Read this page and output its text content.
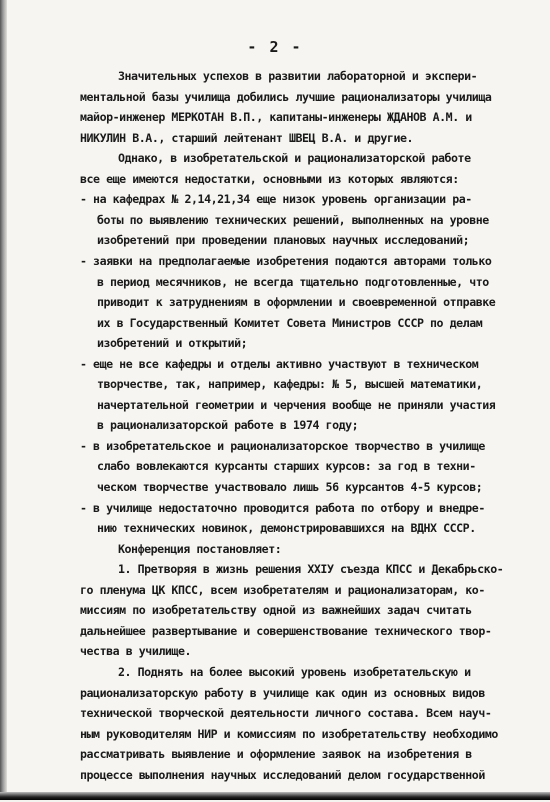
- 2 -
Значительных успехов в развитии лабораторной и экспери-
ментальной базы училища добились лучшие рационализаторы училища
майор-инженер МЕРКОТАН В.П., капитаны-инженеры ЖДАНОВ А.М. и
НИКУЛИН В.А., старший лейтенант ШВЕЦ В.А. и другие.
Однако, в изобретательской и рационализаторской работе
все еще имеются недостатки, основными из которых являются:
- на кафедрах № 2,14,21,34 еще низок уровень организации ра-
боты по выявлению технических решений, выполненных на уровне
изобретений при проведении плановых научных исследований;
- заявки на предполагаемые изобретения подаются авторами только
в период месячников, не всегда тщательно подготовленные, что
приводит к затруднениям в оформлении и своевременной отправке
их в Государственный Комитет Совета Министров СССР по делам
изобретений и открытий;
- еще не все кафедры и отделы активно участвуют в техническом
творчестве, так, например, кафедры: № 5, высшей математики,
начертательной геометрии и черчения вообще не приняли участия
в рационализаторской работе в 1974 году;
- в изобретательское и рационализаторское творчество в училище
слабо вовлекаются курсанты старших курсов: за год в техни-
ческом творчестве участвовало лишь 56 курсантов 4-5 курсов;
- в училище недостаточно проводится работа по отбору и внедре-
нию технических новинок, демонстрировавшихся на ВДНХ СССР.
Конференция постановляет:
1. Претворяя в жизнь решения XXIУ съезда КПСС и Декабрьско-
го пленума ЦК КПСС, всем изобретателям и рационализаторам, ко-
миссиям по изобретательству одной из важнейших задач считать
дальнейшее развертывание и совершенствование технического твор-
чества в училище.
2. Поднять на более высокий уровень изобретательскую и
рационализаторскую работу в училище как один из основных видов
технической творческой деятельности личного состава. Всем науч-
ным руководителям НИР и комиссиям по изобретательству необходимо
рассматривать выявление и оформление заявок на изобретения в
процессе выполнения научных исследований делом государственной
